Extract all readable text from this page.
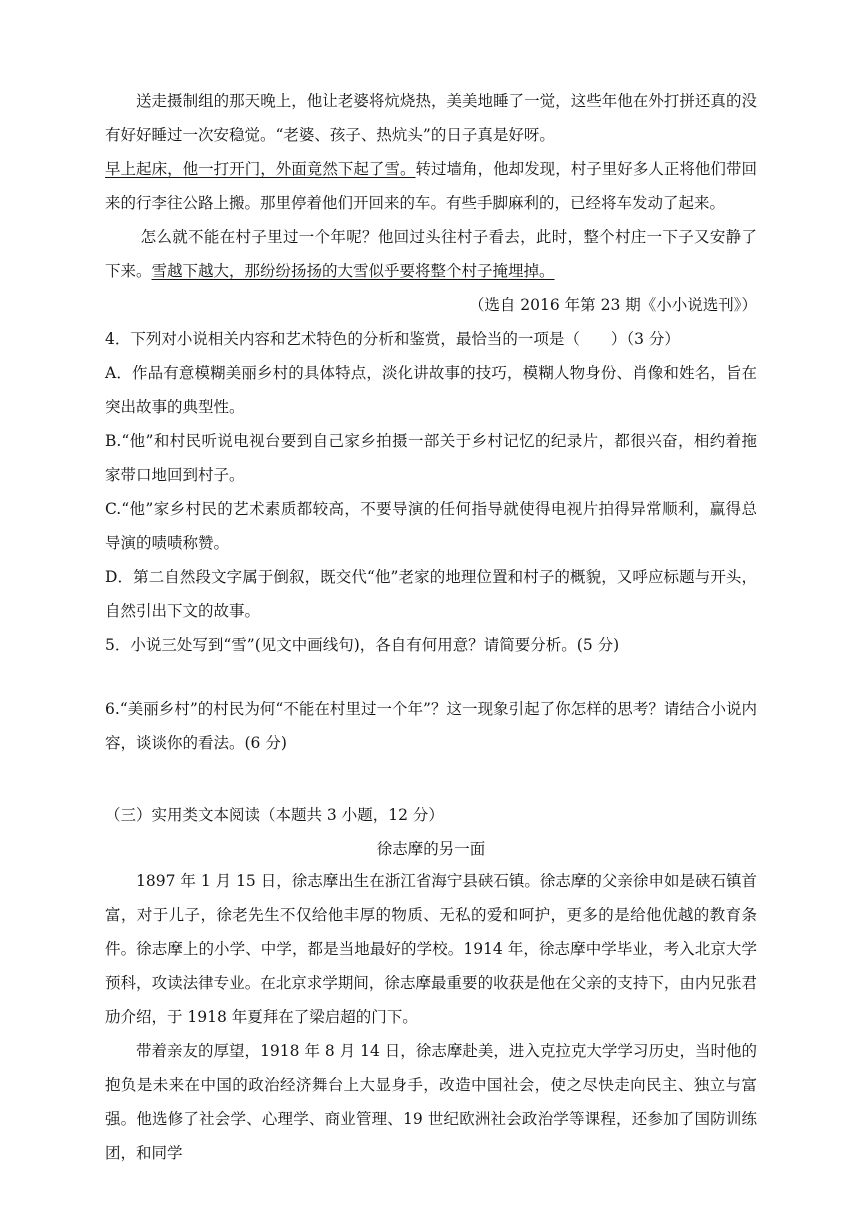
送走摄制组的那天晚上，他让老婆将炕烧热，美美地睡了一觉，这些年他在外打拼还真的没有好好睡过一次安稳觉。“老婆、孩子、热炕头”的日子真是好呀。

早上起床，他一打开门，外面竟然下起了雪。转过墙角，他却发现，村子里好多人正将他们带回来的行李往公路上搬。那里停着他们开回来的车。有些手脚麻利的，已经将车发动了起来。

怎么就不能在村子里过一个年呢？他回过头往村子看去，此时，整个村庄一下子又安静了下来。雪越下越大，那纷纷扬扬的大雪似乎要将整个村子掩埋掉。

（选自 2016 年第 23 期《小小说选刊》）

4．下列对小说相关内容和艺术特色的分析和鉴赏，最恰当的一项是（　　）（3 分）

A．作品有意模糊美丽乡村的具体特点，淡化讲故事的技巧，模糊人物身份、肖像和姓名，旨在突出故事的典型性。

B.“他”和村民听说电视台要到自己家乡拍摄一部关于乡村记忆的纪录片，都很兴奋，相约着拖家带口地回到村子。

C.“他”家乡村民的艺术素质都较高，不要导演的任何指导就使得电视片拍得异常顺利，赢得总导演的啧啧称赞。

D．第二自然段文字属于倒叙，既交代“他”老家的地理位置和村子的概貌，又呼应标题与开头，自然引出下文的故事。

5．小说三处写到“雪”(见文中画线句)，各自有何用意？请简要分析。(5 分)

6.“美丽乡村”的村民为何“不能在村里过一个年”？这一现象引起了你怎样的思考？请结合小说内容，谈谈你的看法。(6 分)

（三）实用类文本阅读（本题共 3 小题，12 分）

徐志摩的另一面

1897 年 1 月 15 日，徐志摩出生在浙江省海宁县硖石镇。徐志摩的父亲徐申如是硖石镇首富，对于儿子，徐老先生不仅给他丰厚的物质、无私的爱和呵护，更多的是给他优越的教育条件。徐志摩上的小学、中学，都是当地最好的学校。1914 年，徐志摩中学毕业，考入北京大学预科，攻读法律专业。在北京求学期间，徐志摩最重要的收获是他在父亲的支持下，由内兄张君劢介绍，于 1918 年夏拜在了梁启超的门下。

带着亲友的厚望，1918 年 8 月 14 日，徐志摩赴美，进入克拉克大学学习历史，当时他的抱负是未来在中国的政治经济舞台上大显身手，改造中国社会，使之尽快走向民主、独立与富强。他选修了社会学、心理学、商业管理、19 世纪欧洲社会政治学等课程，还参加了国防训练团，和同学
